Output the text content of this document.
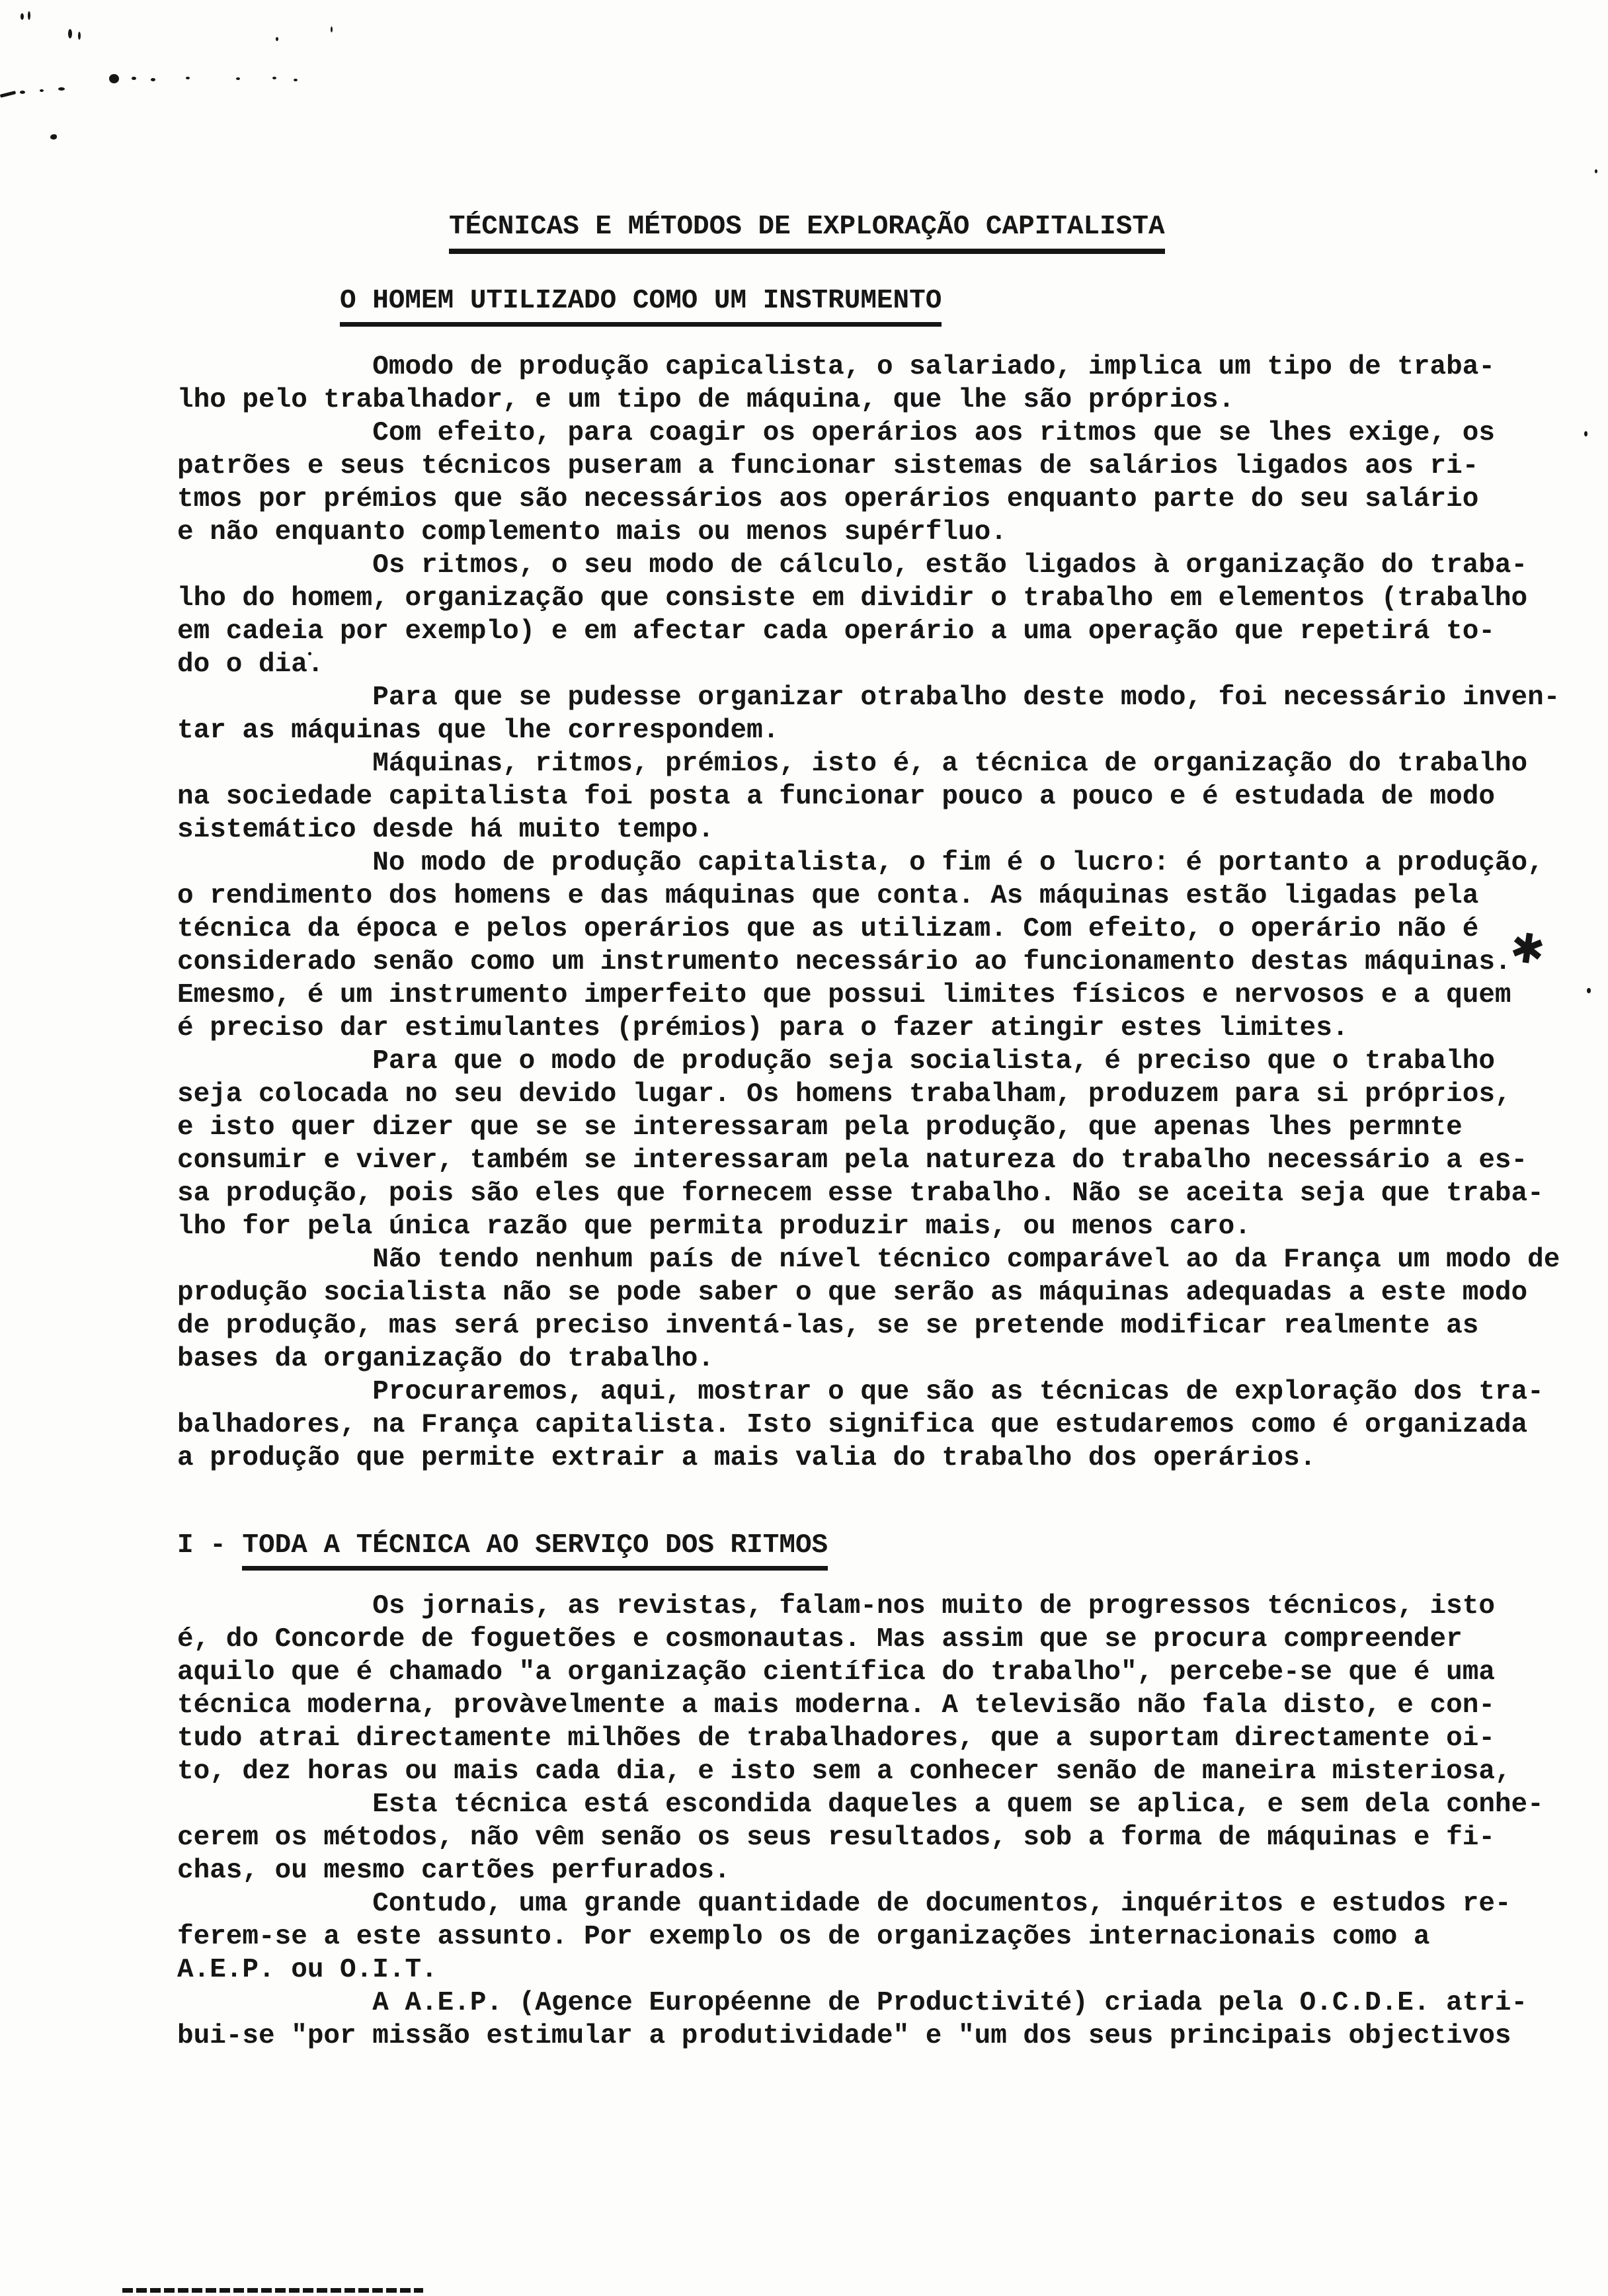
TÉCNICAS E MÉTODOS DE EXPLORAÇÃO CAPITALISTA
O HOMEM UTILIZADO COMO UM INSTRUMENTO
Omodo de produção capicalista, o salariado, implica um tipo de traba-
lho pelo trabalhador, e um tipo de máquina, que lhe são próprios.
Com efeito, para coagir os operários aos ritmos que se lhes exige, os
patrões e seus técnicos puseram a funcionar sistemas de salários ligados aos ri-
tmos por prémios que são necessários aos operários enquanto parte do seu salário
e não enquanto complemento mais ou menos supérfluo.
Os ritmos, o seu modo de cálculo, estão ligados à organização do traba-
lho do homem, organização que consiste em dividir o trabalho em elementos (trabalho
em cadeia por exemplo) e em afectar cada operário a uma operação que repetirá to-
do o dia.
Para que se pudesse organizar otrabalho deste modo, foi necessário inven-
tar as máquinas que lhe correspondem.
Máquinas, ritmos, prémios, isto é, a técnica de organização do trabalho
na sociedade capitalista foi posta a funcionar pouco a pouco e é estudada de modo
sistemático desde há muito tempo.
No modo de produção capitalista, o fim é o lucro: é portanto a produção,
o rendimento dos homens e das máquinas que conta. As máquinas estão ligadas pela
técnica da época e pelos operários que as utilizam. Com efeito, o operário não é
considerado senão como um instrumento necessário ao funcionamento destas máquinas.
Emesmo, é um instrumento imperfeito que possui limites físicos e nervosos e a quem
é preciso dar estimulantes (prémios) para o fazer atingir estes limites.
Para que o modo de produção seja socialista, é preciso que o trabalho
seja colocada no seu devido lugar. Os homens trabalham, produzem para si próprios,
e isto quer dizer que se se interessaram pela produção, que apenas lhes permnte
consumir e viver, também se interessaram pela natureza do trabalho necessário a es-
sa produção, pois são eles que fornecem esse trabalho. Não se aceita seja que traba-
lho for pela única razão que permita produzir mais, ou menos caro.
Não tendo nenhum país de nível técnico comparável ao da França um modo de
produção socialista não se pode saber o que serão as máquinas adequadas a este modo
de produção, mas será preciso inventá-las, se se pretende modificar realmente as
bases da organização do trabalho.
Procuraremos, aqui, mostrar o que são as técnicas de exploração dos tra-
balhadores, na França capitalista. Isto significa que estudaremos como é organizada
a produção que permite extrair a mais valia do trabalho dos operários.
✱
I - TODA A TÉCNICA AO SERVIÇO DOS RITMOS
Os jornais, as revistas, falam-nos muito de progressos técnicos, isto
é, do Concorde de foguetões e cosmonautas. Mas assim que se procura compreender
aquilo que é chamado "a organização científica do trabalho", percebe-se que é uma
técnica moderna, provàvelmente a mais moderna. A televisão não fala disto, e con-
tudo atrai directamente milhões de trabalhadores, que a suportam directamente oi-
to, dez horas ou mais cada dia, e isto sem a conhecer senão de maneira misteriosa,
Esta técnica está escondida daqueles a quem se aplica, e sem dela conhe-
cerem os métodos, não vêm senão os seus resultados, sob a forma de máquinas e fi-
chas, ou mesmo cartões perfurados.
Contudo, uma grande quantidade de documentos, inquéritos e estudos re-
ferem-se a este assunto. Por exemplo os de organizações internacionais como a
A.E.P. ou O.I.T.
A A.E.P. (Agence Européenne de Productivité) criada pela O.C.D.E. atri-
bui-se "por missão estimular a produtividade" e "um dos seus principais objectivos
